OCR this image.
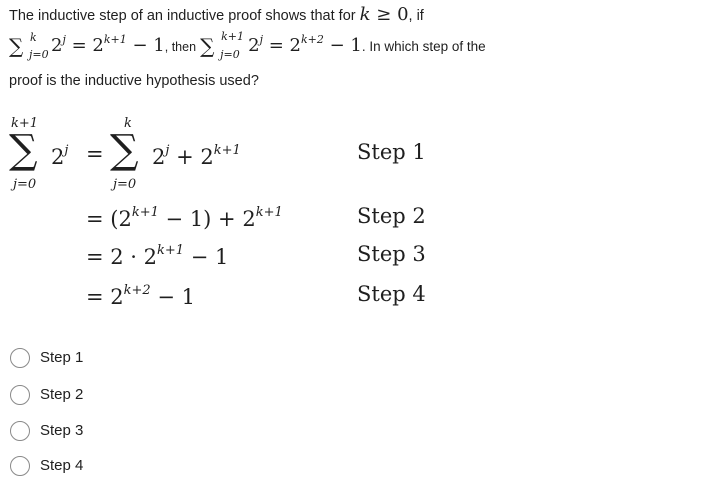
The inductive step of an inductive proof shows that for k ≥ 0, if
∑ k
j=0 $2^j = 2^{k+1} - 1$, then ∑ k+1
j=0 $2^j = 2^{k+2} - 1$. In which step of the
proof is the inductive hypothesis used?
k+1
∑
j=0
$2^j$ =
k
∑
j=0
$2^j + 2^{k+1}$
= $(2^{k+1} - 1) + 2^{k+1}$
= $2 \cdot 2^{k+1} - 1$
= $2^{k+2} - 1$
Step 1
Step 2
Step 3
Step 4
Step 1
Step 2
Step 3
Step 4
